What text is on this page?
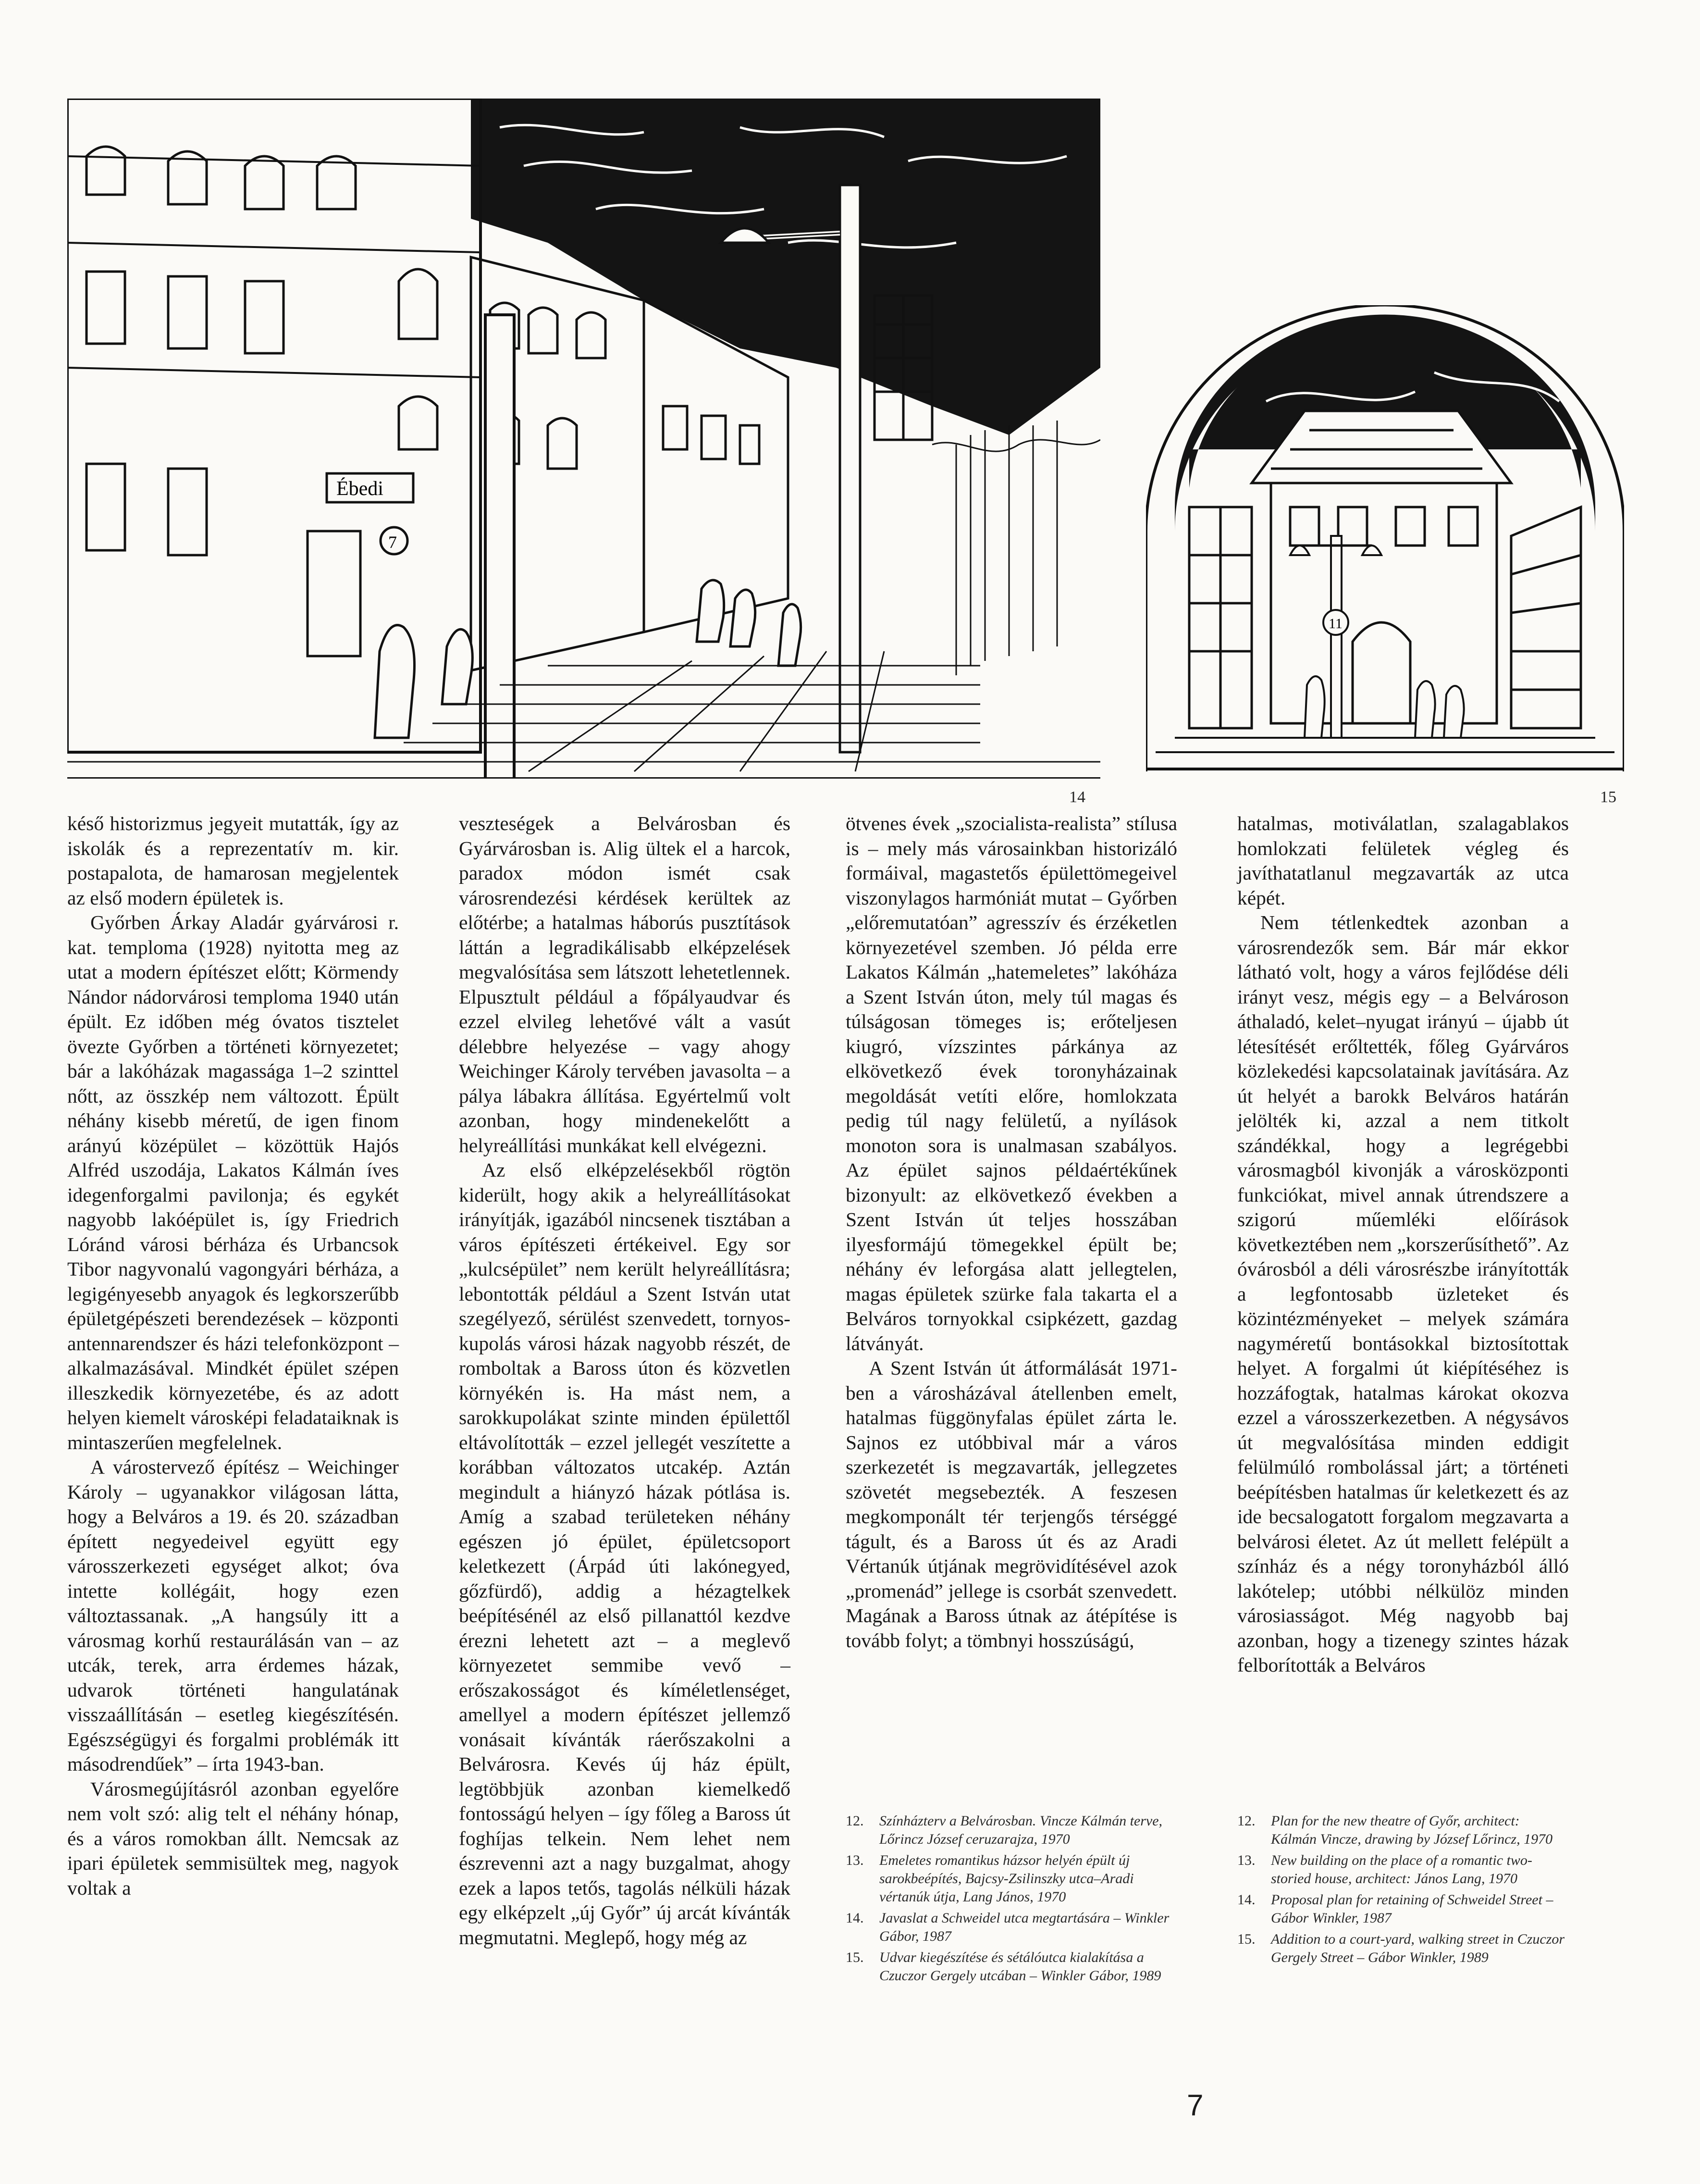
Ébedi
7
11
14	15

késő historizmus jegyeit mutatták, így az iskolák és a reprezentatív m. kir. postapalota, de hamarosan megjelentek az első modern épületek is.

Győrben Árkay Aladár gyárvárosi r. kat. temploma (1928) nyitotta meg az utat a modern építészet előtt; Körmendy Nándor nádorvárosi temploma 1940 után épült. Ez időben még óvatos tisztelet övezte Győrben a történeti környezetet; bár a lakóházak magassága 1–2 szinttel nőtt, az összkép nem változott. Épült néhány kisebb méretű, de igen finom arányú középület – közöttük Hajós Alfréd uszodája, Lakatos Kálmán íves idegenforgalmi pavilonja; és egykét nagyobb lakóépület is, így Friedrich Lóránd városi bérháza és Urbancsok Tibor nagyvonalú vagongyári bérháza, a legigényesebb anyagok és legkorszerűbb épületgépészeti berendezések – központi antennarendszer és házi telefonközpont – alkalmazásával. Mindkét épület szépen illeszkedik környezetébe, és az adott helyen kiemelt városképi feladataiknak is mintaszerűen megfelelnek.

A várostervező építész – Weichinger Károly – ugyanakkor világosan látta, hogy a Belváros a 19. és 20. században épített negyedeivel együtt egy városszerkezeti egységet alkot; óva intette kollégáit, hogy ezen változtassanak. „A hangsúly itt a városmag korhű restaurálásán van – az utcák, terek, arra érdemes házak, udvarok történeti hangulatának visszaállításán – esetleg kiegészítésén. Egészségügyi és forgalmi problémák itt másodrendűek” – írta 1943-ban.

Városmegújításról azonban egyelőre nem volt szó: alig telt el néhány hónap, és a város romokban állt. Nemcsak az ipari épületek semmisültek meg, nagyok voltak a

veszteségek a Belvárosban és Gyárvárosban is. Alig ültek el a harcok, paradox módon ismét csak városrendezési kérdések kerültek az előtérbe; a hatalmas háborús pusztítások láttán a legradikálisabb elképzelések megvalósítása sem látszott lehetetlennek. Elpusztult például a főpályaudvar és ezzel elvileg lehetővé vált a vasút délebbre helyezése – vagy ahogy Weichinger Károly tervében javasolta – a pálya lábakra állítása. Egyértelmű volt azonban, hogy mindenekelőtt a helyreállítási munkákat kell elvégezni.

Az első elképzelésekből rögtön kiderült, hogy akik a helyreállításokat irányítják, igazából nincsenek tisztában a város építészeti értékeivel. Egy sor „kulcsépület” nem került helyreállításra; lebontották például a Szent István utat szegélyező, sérülést szenvedett, tornyos-kupolás városi házak nagyobb részét, de romboltak a Baross úton és közvetlen környékén is. Ha mást nem, a sarokkupolákat szinte minden épülettől eltávolították – ezzel jellegét veszítette a korábban változatos utcakép. Aztán megindult a hiányzó házak pótlása is. Amíg a szabad területeken néhány egészen jó épület, épületcsoport keletkezett (Árpád úti lakónegyed, gőzfürdő), addig a hézagtelkek beépítésénél az első pillanattól kezdve érezni lehetett azt – a meglevő környezetet semmibe vevő – erőszakosságot és kíméletlenséget, amellyel a modern építészet jellemző vonásait kívánták ráerőszakolni a Belvárosra. Kevés új ház épült, legtöbbjük azonban kiemelkedő fontosságú helyen – így főleg a Baross út foghíjas telkein. Nem lehet nem észrevenni azt a nagy buzgalmat, ahogy ezek a lapos tetős, tagolás nélküli házak egy elképzelt „új Győr” új arcát kívánták megmutatni. Meglepő, hogy még az

ötvenes évek „szocialista-realista” stílusa is – mely más városainkban historizáló formáival, magastetős épülettömegeivel viszonylagos harmóniát mutat – Győrben „előremutatóan” agresszív és érzéketlen környezetével szemben. Jó példa erre Lakatos Kálmán „hatemeletes” lakóháza a Szent István úton, mely túl magas és túlságosan tömeges is; erőteljesen kiugró, vízszintes párkánya az elkövetkező évek toronyházainak megoldását vetíti előre, homlokzata pedig túl nagy felületű, a nyílások monoton sora is unalmasan szabályos. Az épület sajnos példaértékűnek bizonyult: az elkövetkező években a Szent István út teljes hosszában ilyesformájú tömegekkel épült be; néhány év leforgása alatt jellegtelen, magas épületek szürke fala takarta el a Belváros tornyokkal csipkézett, gazdag látványát.

A Szent István út átformálását 1971-ben a városházával átellenben emelt, hatalmas függönyfalas épület zárta le. Sajnos ez utóbbival már a város szerkezetét is megzavarták, jellegzetes szövetét megsebezték. A feszesen megkomponált tér terjengős térséggé tágult, és a Baross út és az Aradi Vértanúk útjának megrövidítésével azok „promenád” jellege is csorbát szenvedett. Magának a Baross útnak az átépítése is tovább folyt; a tömbnyi hosszúságú,

hatalmas, motiválatlan, szalagablakos homlokzati felületek végleg és javíthatatlanul megzavarták az utca képét.

Nem tétlenkedtek azonban a városrendezők sem. Bár már ekkor látható volt, hogy a város fejlődése déli irányt vesz, mégis egy – a Belvároson áthaladó, kelet–nyugat irányú – újabb út létesítését erőltették, főleg Gyárváros közlekedési kapcsolatainak javítására. Az út helyét a barokk Belváros határán jelölték ki, azzal a nem titkolt szándékkal, hogy a legrégebbi városmagból kivonják a városközponti funkciókat, mivel annak útrendszere a szigorú műemléki előírások következtében nem „korszerűsíthető”. Az óvárosból a déli városrészbe irányították a legfontosabb üzleteket és közintézményeket – melyek számára nagyméretű bontásokkal biztosítottak helyet. A forgalmi út kiépítéséhez is hozzáfogtak, hatalmas károkat okozva ezzel a városszerkezetben. A négysávos út megvalósítása minden eddigit felülmúló rombolással járt; a történeti beépítésben hatalmas űr keletkezett és az ide becsalogatott forgalom megzavarta a belvárosi életet. Az út mellett felépült a színház és a négy toronyházból álló lakótelep; utóbbi nélkülöz minden városiasságot. Még nagyobb baj azonban, hogy a tizenegy szintes házak felborították a Belváros

12. Színházterv a Belvárosban. Vincze Kálmán terve, Lőrincz József ceruzarajza, 1970
13. Emeletes romantikus házsor helyén épült új sarokbeépítés, Bajcsy-Zsilinszky utca–Aradi vértanúk útja, Lang János, 1970
14. Javaslat a Schweidel utca megtartására – Winkler Gábor, 1987
15. Udvar kiegészítése és sétálóutca kialakítása a Czuczor Gergely utcában – Winkler Gábor, 1989
12. Plan for the new theatre of Győr, architect: Kálmán Vincze, drawing by József Lőrincz, 1970
13. New building on the place of a romantic two-storied house, architect: János Lang, 1970
14. Proposal plan for retaining of Schweidel Street – Gábor Winkler, 1987
15. Addition to a court-yard, walking street in Czuczor Gergely Street – Gábor Winkler, 1989
7
